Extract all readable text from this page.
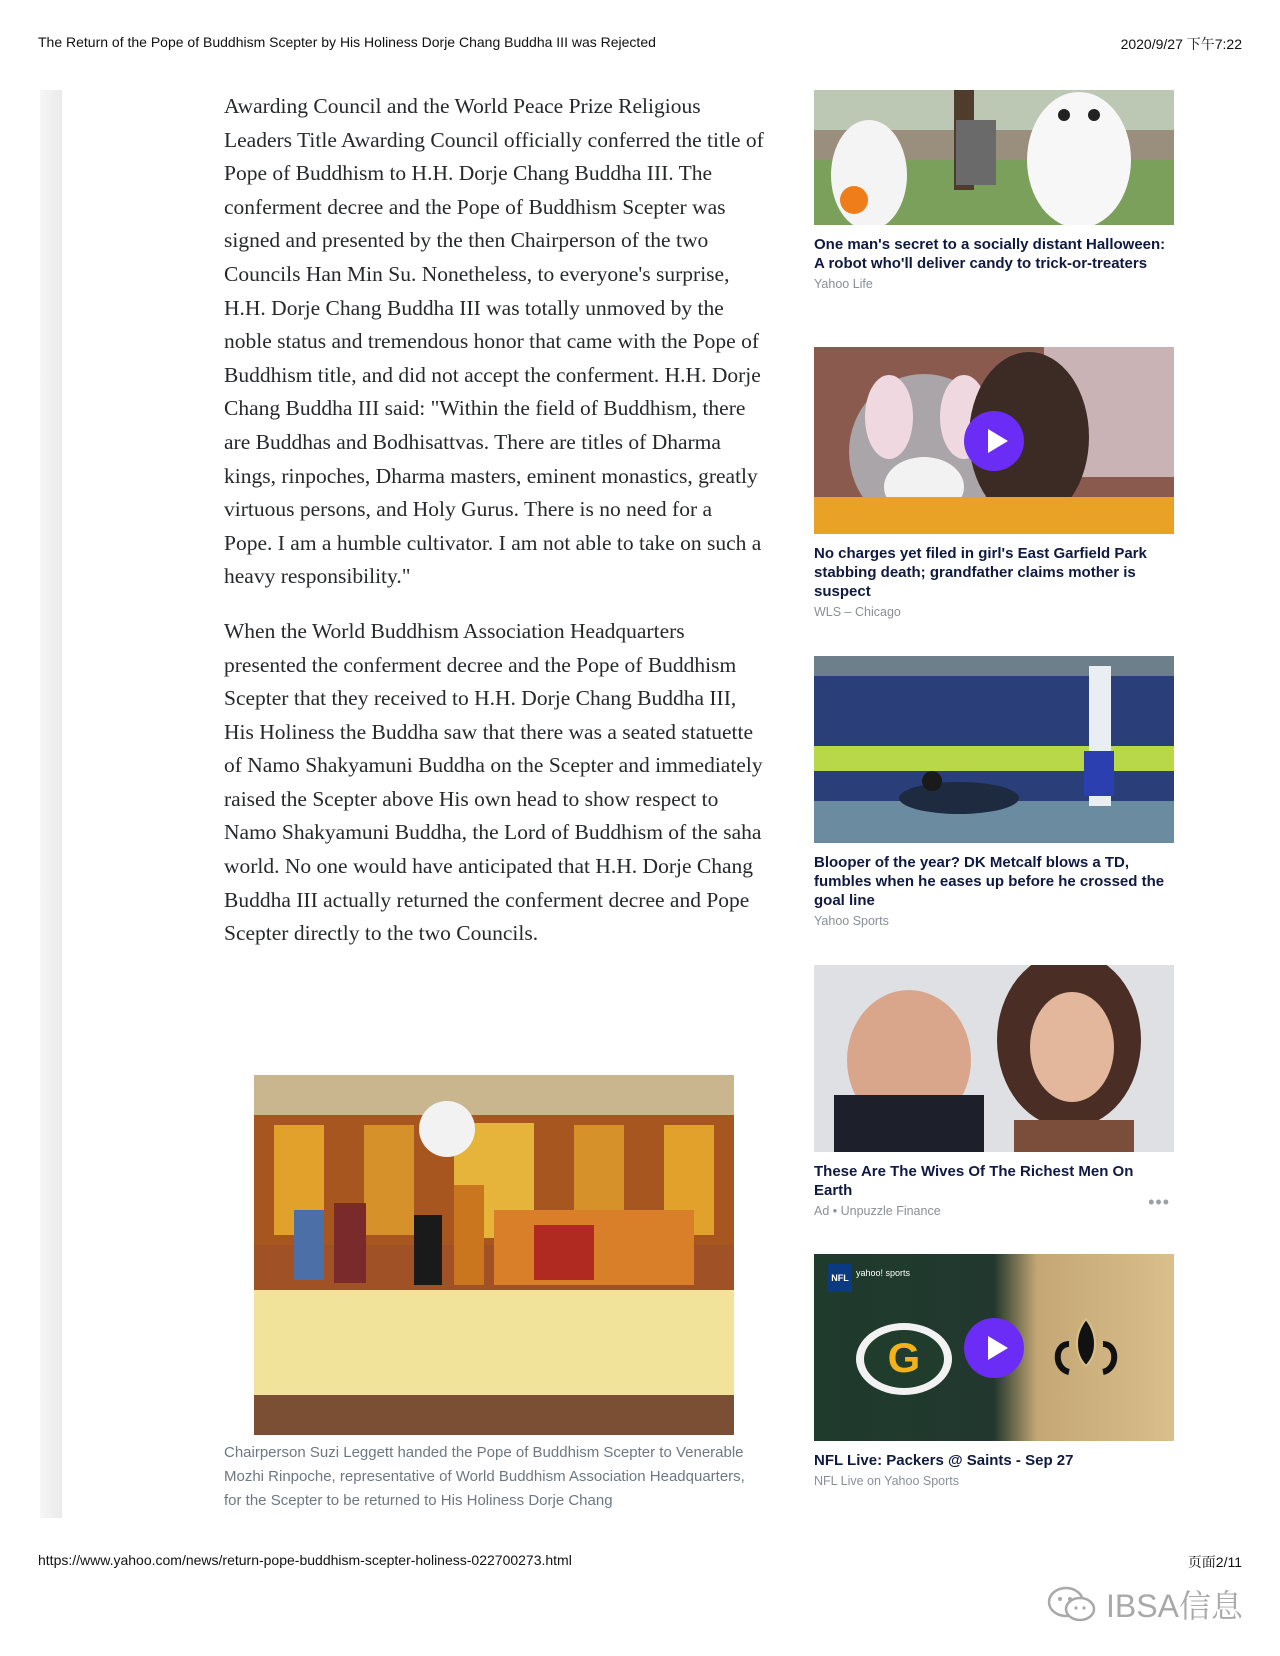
The Return of the Pope of Buddhism Scepter by His Holiness Dorje Chang Buddha III was Rejected	2020/9/27 下午7:22

Awarding Council and the World Peace Prize Religious Leaders Title Awarding Council officially conferred the title of Pope of Buddhism to H.H. Dorje Chang Buddha III. The conferment decree and the Pope of Buddhism Scepter was signed and presented by the then Chairperson of the two Councils Han Min Su. Nonetheless, to everyone's surprise, H.H. Dorje Chang Buddha III was totally unmoved by the noble status and tremendous honor that came with the Pope of Buddhism title, and did not accept the conferment. H.H. Dorje Chang Buddha III said: "Within the field of Buddhism, there are Buddhas and Bodhisattvas. There are titles of Dharma kings, rinpoches, Dharma masters, eminent monastics, greatly virtuous persons, and Holy Gurus. There is no need for a Pope. I am a humble cultivator. I am not able to take on such a heavy responsibility."

When the World Buddhism Association Headquarters presented the conferment decree and the Pope of Buddhism Scepter that they received to H.H. Dorje Chang Buddha III, His Holiness the Buddha saw that there was a seated statuette of Namo Shakyamuni Buddha on the Scepter and immediately raised the Scepter above His own head to show respect to Namo Shakyamuni Buddha, the Lord of Buddhism of the saha world. No one would have anticipated that H.H. Dorje Chang Buddha III actually returned the conferment decree and Pope Scepter directly to the two Councils.

Chairperson Suzi Leggett handed the Pope of Buddhism Scepter to Venerable Mozhi Rinpoche, representative of World Buddhism Association Headquarters, for the Scepter to be returned to His Holiness Dorje Chang
One man's secret to a socially distant Halloween: A robot who'll deliver candy to trick-or-treaters
Yahoo Life
No charges yet filed in girl's East Garfield Park stabbing death; grandfather claims mother is suspect
WLS – Chicago
Blooper of the year? DK Metcalf blows a TD, fumbles when he eases up before he crossed the goal line
Yahoo Sports
These Are The Wives Of The Richest Men On Earth
•••
Ad • Unpuzzle Finance
G
NFL yahoo! sports
NFL Live: Packers @ Saints - Sep 27
NFL Live on Yahoo Sports
https://www.yahoo.com/news/return-pope-buddhism-scepter-holiness-022700273.html	页面2/11
IBSA信息
